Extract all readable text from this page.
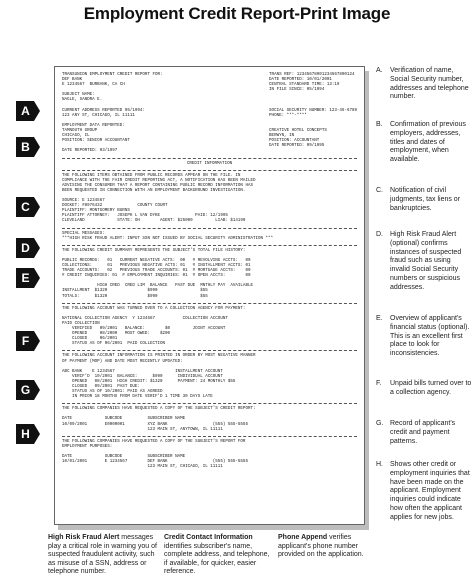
Employment Credit Report-Print Image
TRANSUNION EMPLOYMENT CREDIT REPORT FOR:
DEF BANK
E 1234567  BURBANK, CA CH
SUBJECT NAME:
NAGLE, SANDRA E.
CURRENT ADDRESS REPORTED 05/1994:
123 ANY ST, CHICAGO, IL 11111
EMPLOYMENT DATA REPORTED:
TAMNOUTH GROUP
CHICAGO, IL
POSITION: SENIOR ACCOUNTANT
DATE REPORTED: 03/1997
TRANS REF: 12345678901234567890124
DATE REPORTED: 10/01/2001
CENTRAL STANDARD TIME: 13:19
IN FILE SINCE: 05/1994
SOCIAL SECURITY NUMBER: 123-45-6789
PHONE: ***-****
CREATIVE HOTEL CONCEPTS
BERWYN, IN
POSITION: ACCOUNTANT
DATE REPORTED: 09/1995
CREDIT INFORMATION
THE FOLLOWING ITEMS OBTAINED FROM PUBLIC RECORDS APPEAR ON THE FILE. IN
COMPLIANCE WITH THE FAIR CREDIT REPORTING ACT, A NOTIFICATION HAS BEEN MAILED
ADVISING THE CONSUMER THAT A REPORT CONTAINING PUBLIC RECORD INFORMATION HAS
BEEN REQUESTED IN CONNECTION WITH AN EMPLOYMENT BACKGROUND INVESTIGATION.
SOURCE: E 1234567
DOCKET: #8976432              COUNTY COURT
PLAINTIFF: MONTGOMERY BURNS
PLAINTIFF ATTORNEY:   JOSEPH L VAN DYKE              PAID: 12/1995
CLEVELAND             STATE: OH        AGENT: $25000         LIAB: $14190
SPECIAL MESSAGES:
***HIGH RISK FRAUD ALERT: INPUT SSN NOT ISSUED BY SOCIAL SECURITY ADMINISTRATION ***
THE FOLLOWING CREDIT SUMMARY REPRESENTS THE SUBJECT'S TOTAL FILE HISTORY:
PUBLIC RECORDS:   01   CURRENT NEGATIVE ACTS:  00   # REVOLVING ACCTS:   00
COLLECTIONS:      01   PREVIOUS NEGATIVE ACTS: 01   # INSTALLMENT ACCTS: 01
TRADE ACCOUNTS:   02   PREVIOUS TRADE ACCOUNTS: 01  # MORTGAGE ACCTS:    00
# CREDIT INQUIRIES: 01  # EMPLOYMENT INQUIRIES: 01  # OPEN ACCTS:        00
HIGH CRED  CRED LIM  BALANCE   PAST DUE  MNTHLY PAY  AVAILABLE
INSTALLMENT  $1320                $990                 $55
TOTALS:      $1320                $990                 $55
THE FOLLOWING ACCOUNT WAS TURNED OVER TO A COLLECTION AGENCY FOR PAYMENT:
NATIONAL COLLECTION AGENCY  Y 1234567           COLLECTION ACCOUNT
PAID COLLECTION
VERIFIED   09/2001   BALANCE:        $0         JOINT ACCOUNT
OPENED     08/2000   MOST OWED:    $200
CLOSED     06/2001
STATUS AS OF 06/2001  PAID COLLECTION
THE FOLLOWING ACCOUNT INFORMATION IS PRINTED IN ORDER BY MOST NEGATIVE MANNER
OF PAYMENT (MOP) AND DATE MOST RECENTLY UPDATED:
ABC BANK    E 1234567                        INSTALLMENT ACCOUNT
VERIF'D  10/2001  BALANCE:      $990      INDIVIDUAL ACCOUNT
OPENED   08/2001  HIGH CREDIT: $1320      PAYMENT: 24 MONTHLY $55
CLOSED   09/2001  PAST DUE:
STATUS AS OF 10/2001: PAID AS AGREED
IN PRIOR 18 MONTHS FROM DATE VERIF'D 1 TIME 30 DAYS LATE
THE FOLLOWING COMPANIES HAVE REQUESTED A COPY OF THE SUBJECT'S CREDIT REPORT:
DATE             SUBCODE          SUBSCRIBER NAME
10/09/2001       E0000001         XYZ BANK                  (555) 555-5555
123 MAIN ST, ANYTOWN, IL 11111
THE FOLLOWING COMPANIES HAVE REQUESTED A COPY OF THE SUBJECT'S REPORT FOR
EMPLOYMENT PURPOSES:
DATE             SUBCODE          SUBSCRIBER NAME
10/01/2001       E 1234567        DEF BANK                  (555) 555-5555
123 MAIN ST, CHICAGO, IL 11111
A
B
C
D
E
F
G
H
A.	Verification of name, Social Security number, addresses and telephone number.
B.	Confirmation of previous employers, addresses, titles and dates of employment, when available.
C.	Notification of civil judgments, tax liens or bankruptcies.
D.	High Risk Fraud Alert (optional) confirms instances of suspected fraud such as using invalid Social Security numbers or suspicious addresses.
E.	Overview of applicant's financial status (optional). This is an excellent first place to look for inconsistencies.
F.	Unpaid bills turned over to a collection agency.
G. Record of applicant's credit and payment patterns.
H.	Shows other credit or employment inquiries that have been made on the applicant. Employment inquiries could indicate how often the applicant applies for new jobs.
High Risk Fraud Alert messages play a critical role in warning you of suspected fraudulent activity, such as misuse of a SSN, address or telephone number.
Credit Contact Information identifies subscriber's name, complete address, and telephone, if available, for quicker, easier reference.
Phone Append verifies applicant's phone number provided on the application.
